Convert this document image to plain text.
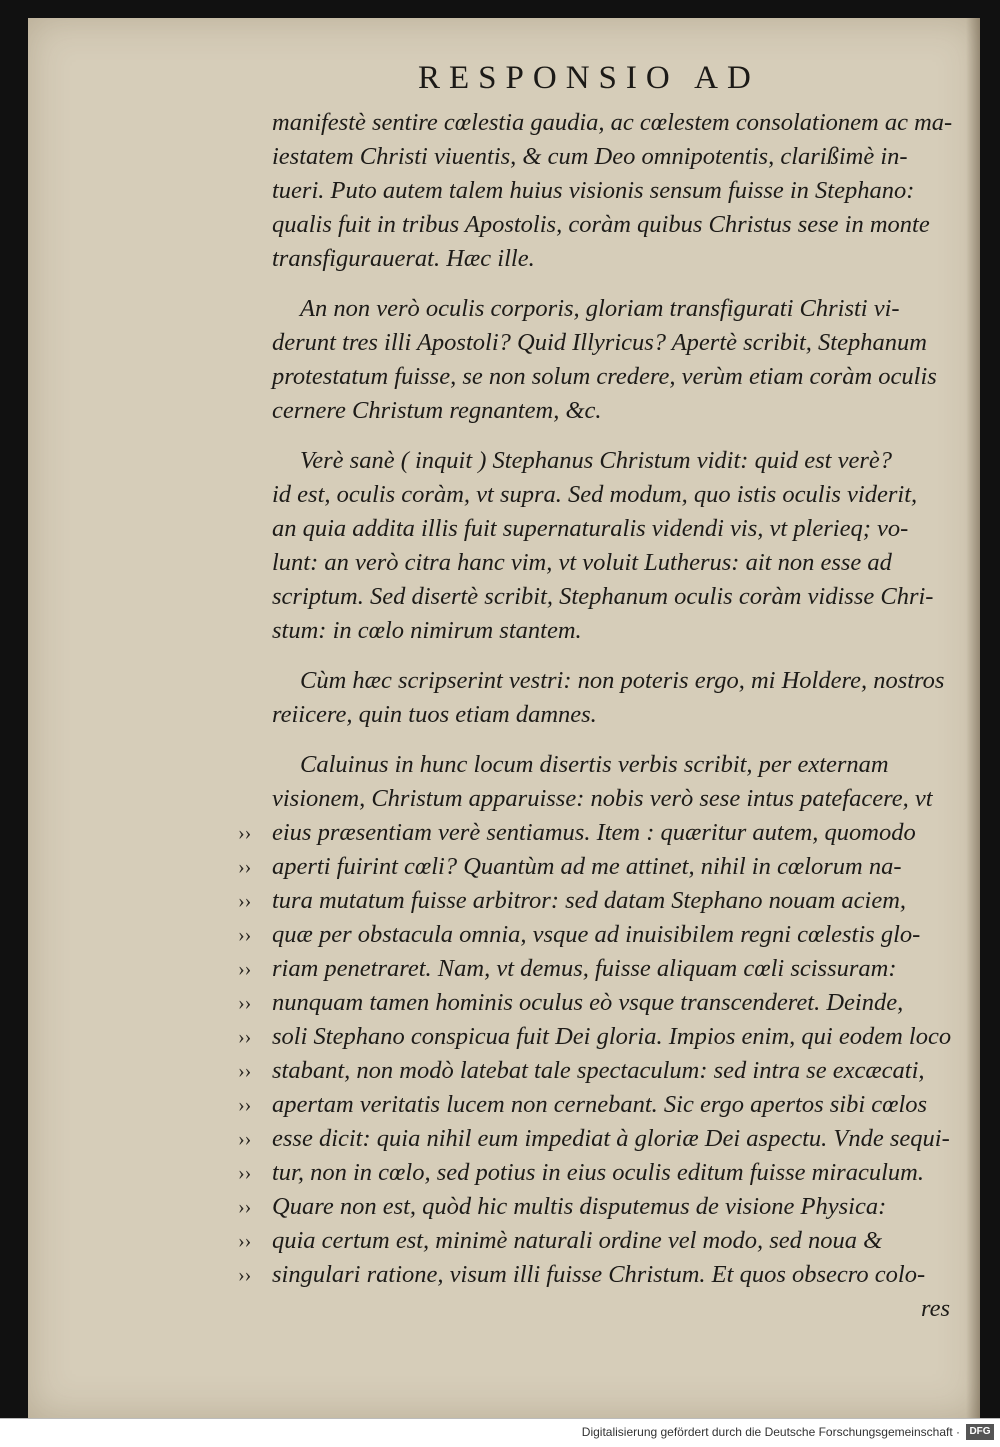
RESPONSIO AD
manifestè sentire cœlestia gaudia, ac cœlestem consolationem ac ma-
iestatem Christi viuentis, & cum Deo omnipotentis, clarißimè in-
tueri. Puto autem talem huius visionis sensum fuisse in Stephano:
qualis fuit in tribus Apostolis, coràm quibus Christus sese in monte
transfigurauerat. Hæc ille.
An non verò oculis corporis, gloriam transfigurati Christi vi-
derunt tres illi Apostoli? Quid Illyricus? Apertè scribit, Stephanum
protestatum fuisse, se non solum credere, verùm etiam coràm oculis
cernere Christum regnantem, &c.
Verè sanè ( inquit ) Stephanus Christum vidit: quid est verè?
id est, oculis coràm, vt supra. Sed modum, quo istis oculis viderit,
an quia addita illis fuit supernaturalis videndi vis, vt plerieq; vo-
lunt: an verò citra hanc vim, vt voluit Lutherus: ait non esse ad
scriptum. Sed disertè scribit, Stephanum oculis coràm vidisse Chri-
stum: in cœlo nimirum stantem.
Cùm hæc scripserint vestri: non poteris ergo, mi Holdere, nostros
reiicere, quin tuos etiam damnes.
Caluinus in hunc locum disertis verbis scribit, per externam
visionem, Christum apparuisse: nobis verò sese intus patefacere, vt
›› eius præsentiam verè sentiamus. Item : quæritur autem, quomodo
›› aperti fuirint cœli? Quantùm ad me attinet, nihil in cœlorum na-
›› tura mutatum fuisse arbitror: sed datam Stephano nouam aciem,
›› quæ per obstacula omnia, vsque ad inuisibilem regni cœlestis glo-
›› riam penetraret. Nam, vt demus, fuisse aliquam cœli scissuram:
›› nunquam tamen hominis oculus eò vsque transcenderet. Deinde,
›› soli Stephano conspicua fuit Dei gloria. Impios enim, qui eodem loco
›› stabant, non modò latebat tale spectaculum: sed intra se excæcati,
›› apertam veritatis lucem non cernebant. Sic ergo apertos sibi cœlos
›› esse dicit: quia nihil eum impediat à gloriæ Dei aspectu. Vnde sequi-
›› tur, non in cœlo, sed potius in eius oculis editum fuisse miraculum.
›› Quare non est, quòd hic multis disputemus de visione Physica:
›› quia certum est, minimè naturali ordine vel modo, sed noua &
›› singulari ratione, visum illi fuisse Christum. Et quos obsecro colo-
res
Digitalisierung gefördert durch die Deutsche Forschungsgemeinschaft · DFG
